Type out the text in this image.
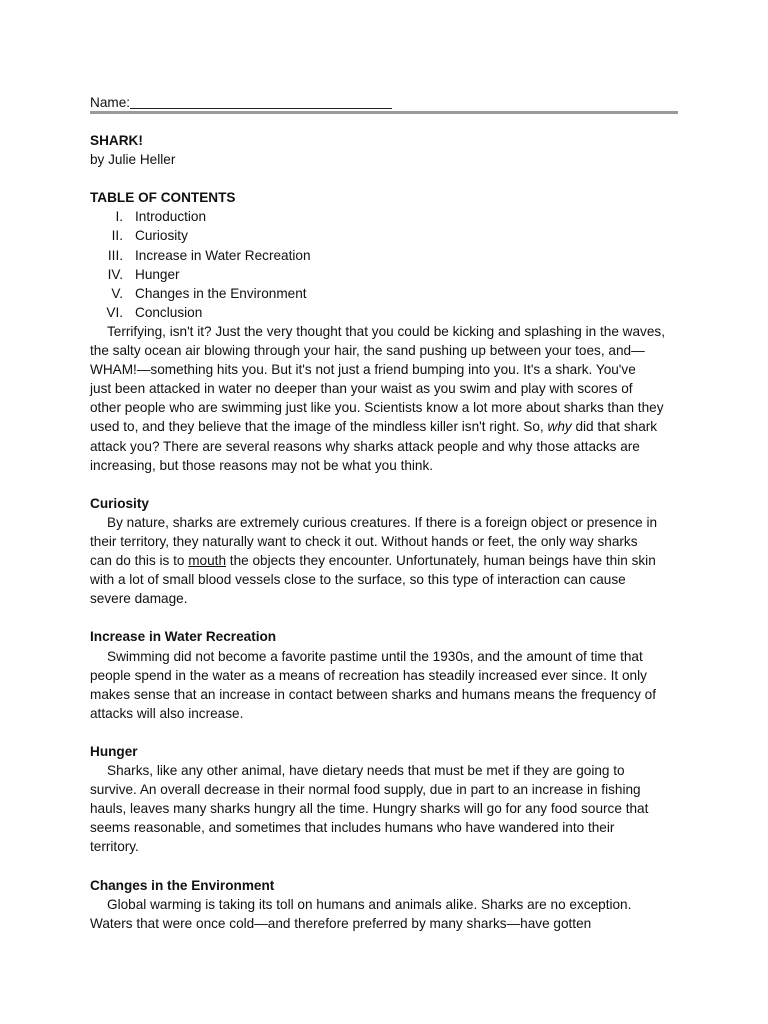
Name:
SHARK!
by Julie Heller
TABLE OF CONTENTS
I. Introduction
II. Curiosity
III. Increase in Water Recreation
IV. Hunger
V. Changes in the Environment
VI. Conclusion
Terrifying, isn't it? Just the very thought that you could be kicking and splashing in the waves,
the salty ocean air blowing through your hair, the sand pushing up between your toes, and—
WHAM!—something hits you. But it's not just a friend bumping into you. It's a shark. You've
just been attacked in water no deeper than your waist as you swim and play with scores of
other people who are swimming just like you. Scientists know a lot more about sharks than they
used to, and they believe that the image of the mindless killer isn't right. So, why did that shark
attack you? There are several reasons why sharks attack people and why those attacks are
increasing, but those reasons may not be what you think.
Curiosity
By nature, sharks are extremely curious creatures. If there is a foreign object or presence in
their territory, they naturally want to check it out. Without hands or feet, the only way sharks
can do this is to mouth the objects they encounter. Unfortunately, human beings have thin skin
with a lot of small blood vessels close to the surface, so this type of interaction can cause
severe damage.
Increase in Water Recreation
Swimming did not become a favorite pastime until the 1930s, and the amount of time that
people spend in the water as a means of recreation has steadily increased ever since. It only
makes sense that an increase in contact between sharks and humans means the frequency of
attacks will also increase.
Hunger
Sharks, like any other animal, have dietary needs that must be met if they are going to
survive. An overall decrease in their normal food supply, due in part to an increase in fishing
hauls, leaves many sharks hungry all the time. Hungry sharks will go for any food source that
seems reasonable, and sometimes that includes humans who have wandered into their
territory.
Changes in the Environment
Global warming is taking its toll on humans and animals alike. Sharks are no exception.
Waters that were once cold—and therefore preferred by many sharks—have gotten
